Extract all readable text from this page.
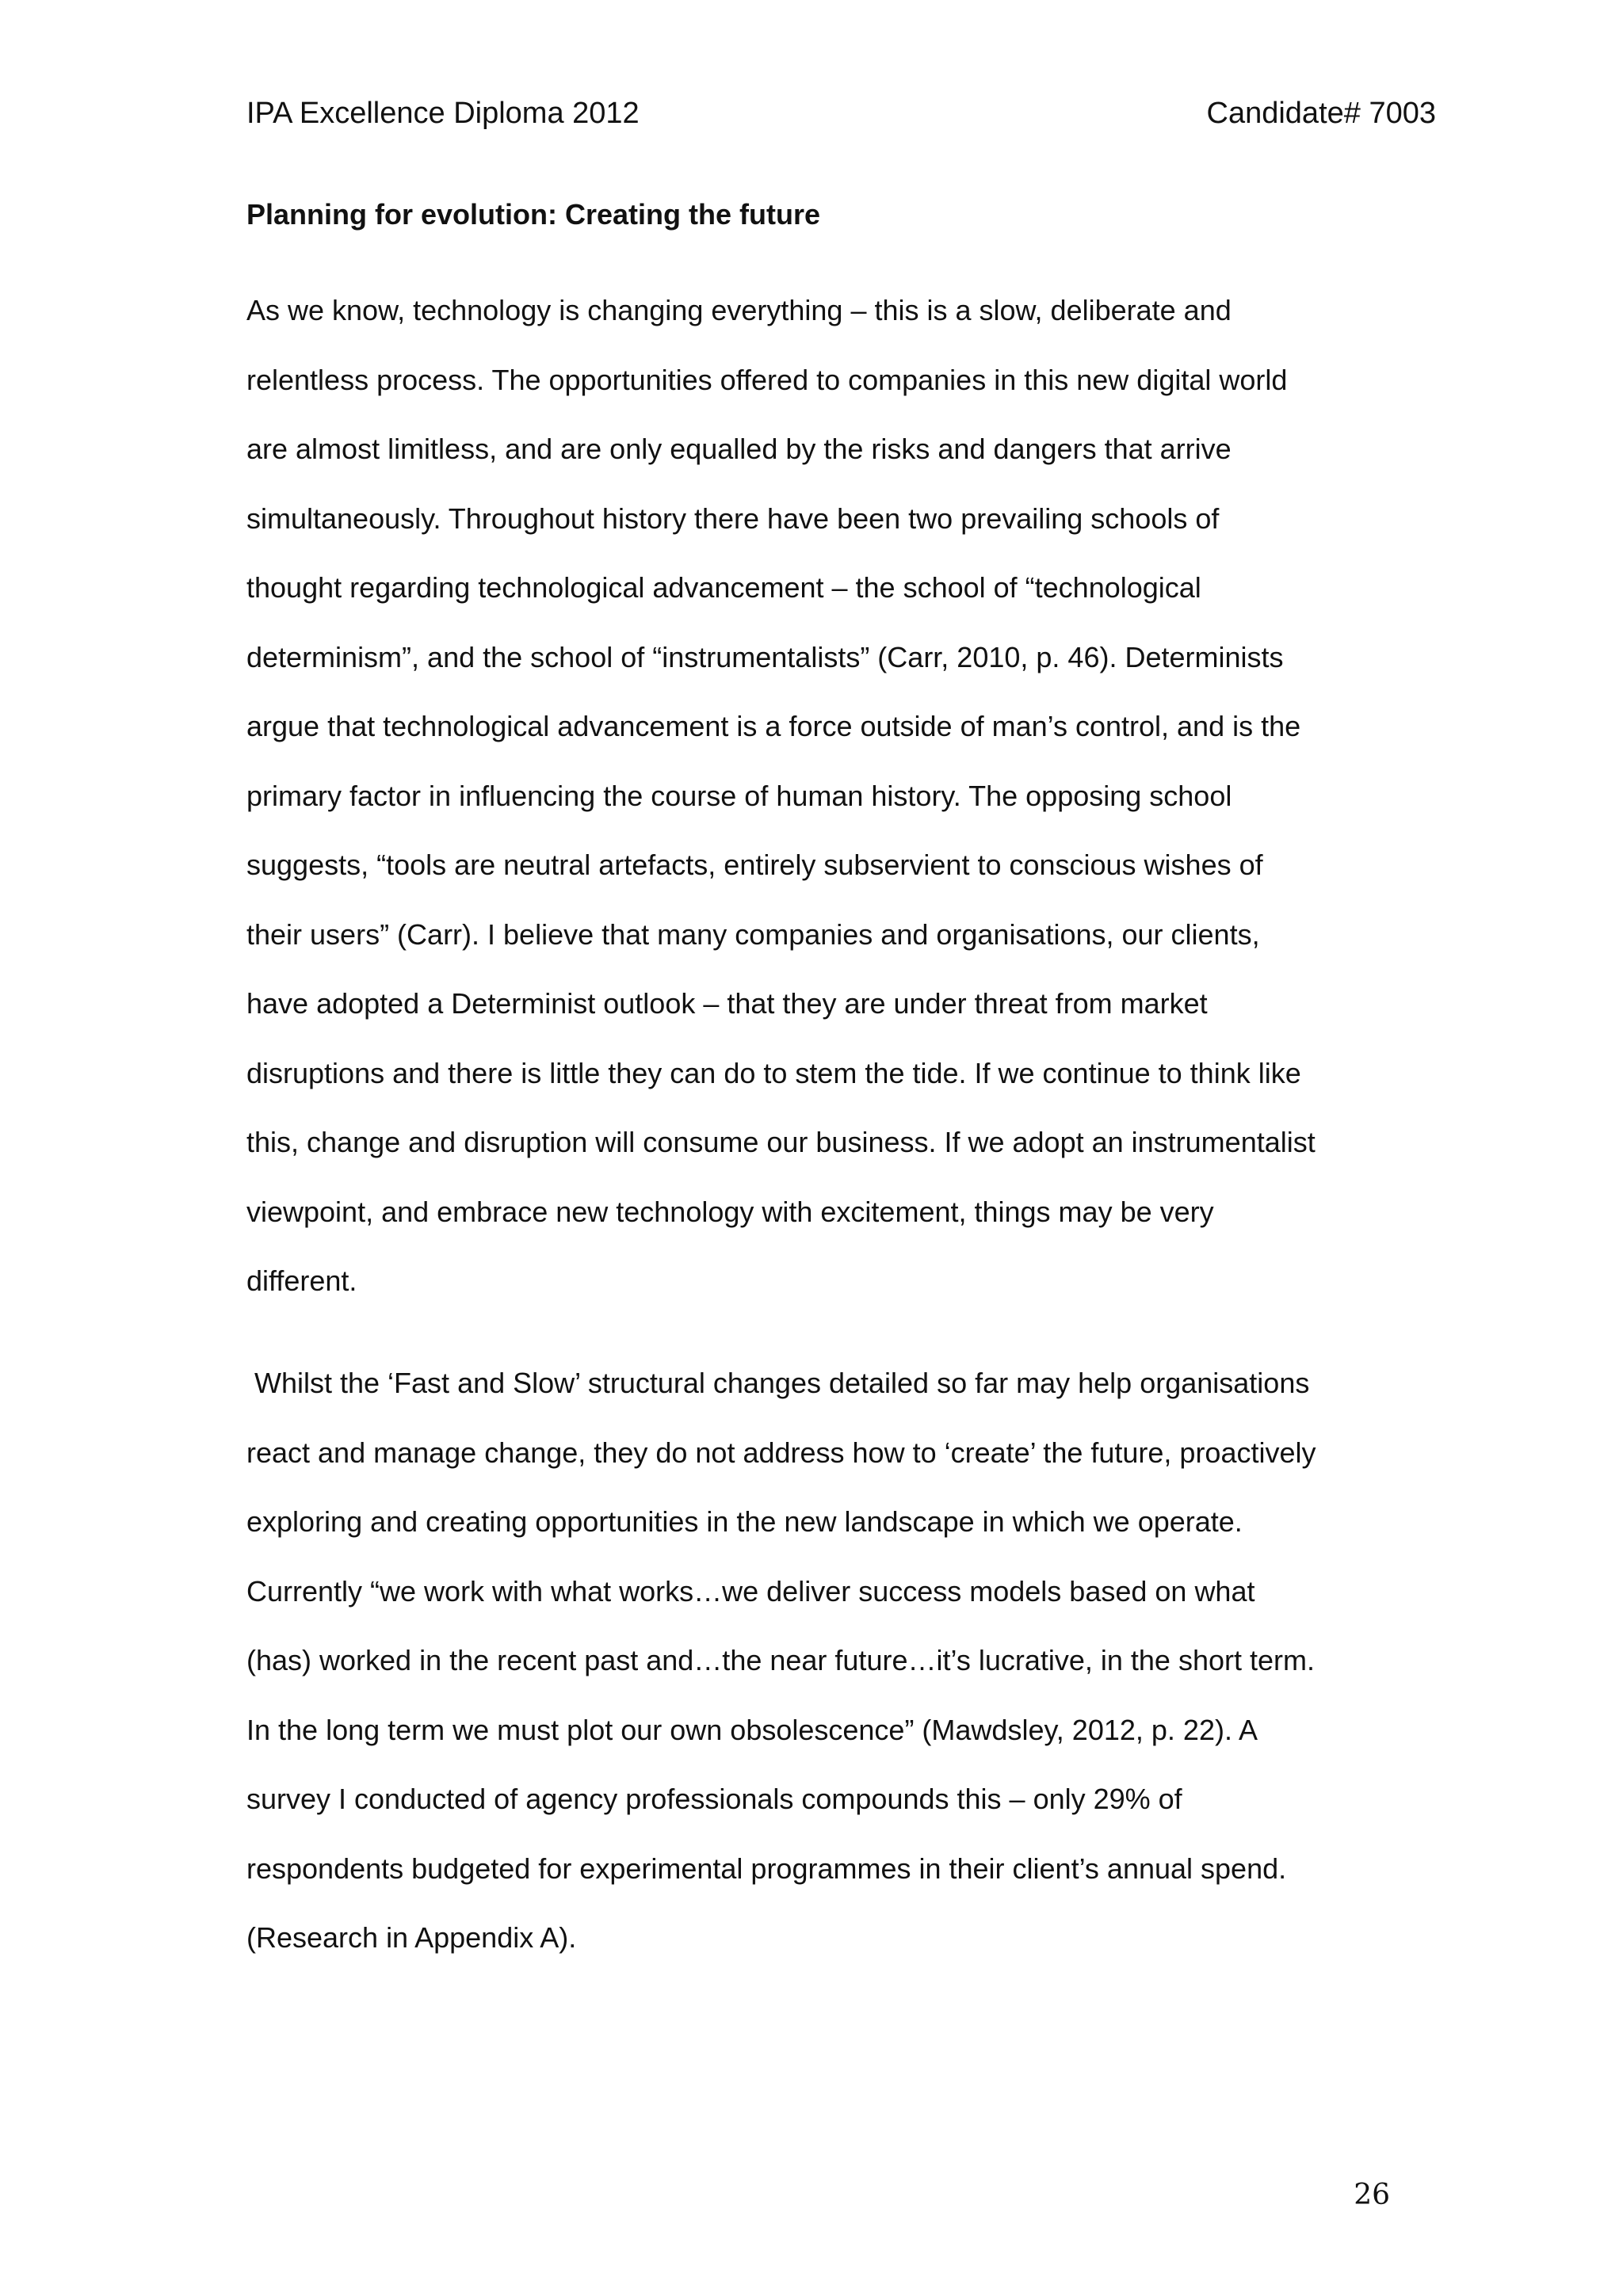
IPA Excellence Diploma 2012	Candidate# 7003
Planning for evolution: Creating the future

As we know, technology is changing everything – this is a slow, deliberate and
relentless process. The opportunities offered to companies in this new digital world
are almost limitless, and are only equalled by the risks and dangers that arrive
simultaneously. Throughout history there have been two prevailing schools of
thought regarding technological advancement – the school of “technological
determinism”, and the school of “instrumentalists” (Carr, 2010, p. 46). Determinists
argue that technological advancement is a force outside of man’s control, and is the
primary factor in influencing the course of human history. The opposing school
suggests, “tools are neutral artefacts, entirely subservient to conscious wishes of
their users” (Carr). I believe that many companies and organisations, our clients,
have adopted a Determinist outlook – that they are under threat from market
disruptions and there is little they can do to stem the tide. If we continue to think like
this, change and disruption will consume our business. If we adopt an instrumentalist
viewpoint, and embrace new technology with excitement, things may be very
different.

Whilst the ‘Fast and Slow’ structural changes detailed so far may help organisations
react and manage change, they do not address how to ‘create’ the future, proactively
exploring and creating opportunities in the new landscape in which we operate.
Currently “we work with what works…we deliver success models based on what
(has) worked in the recent past and…the near future…it’s lucrative, in the short term.
In the long term we must plot our own obsolescence” (Mawdsley, 2012, p. 22). A
survey I conducted of agency professionals compounds this – only 29% of
respondents budgeted for experimental programmes in their client’s annual spend.
(Research in Appendix A).

26
